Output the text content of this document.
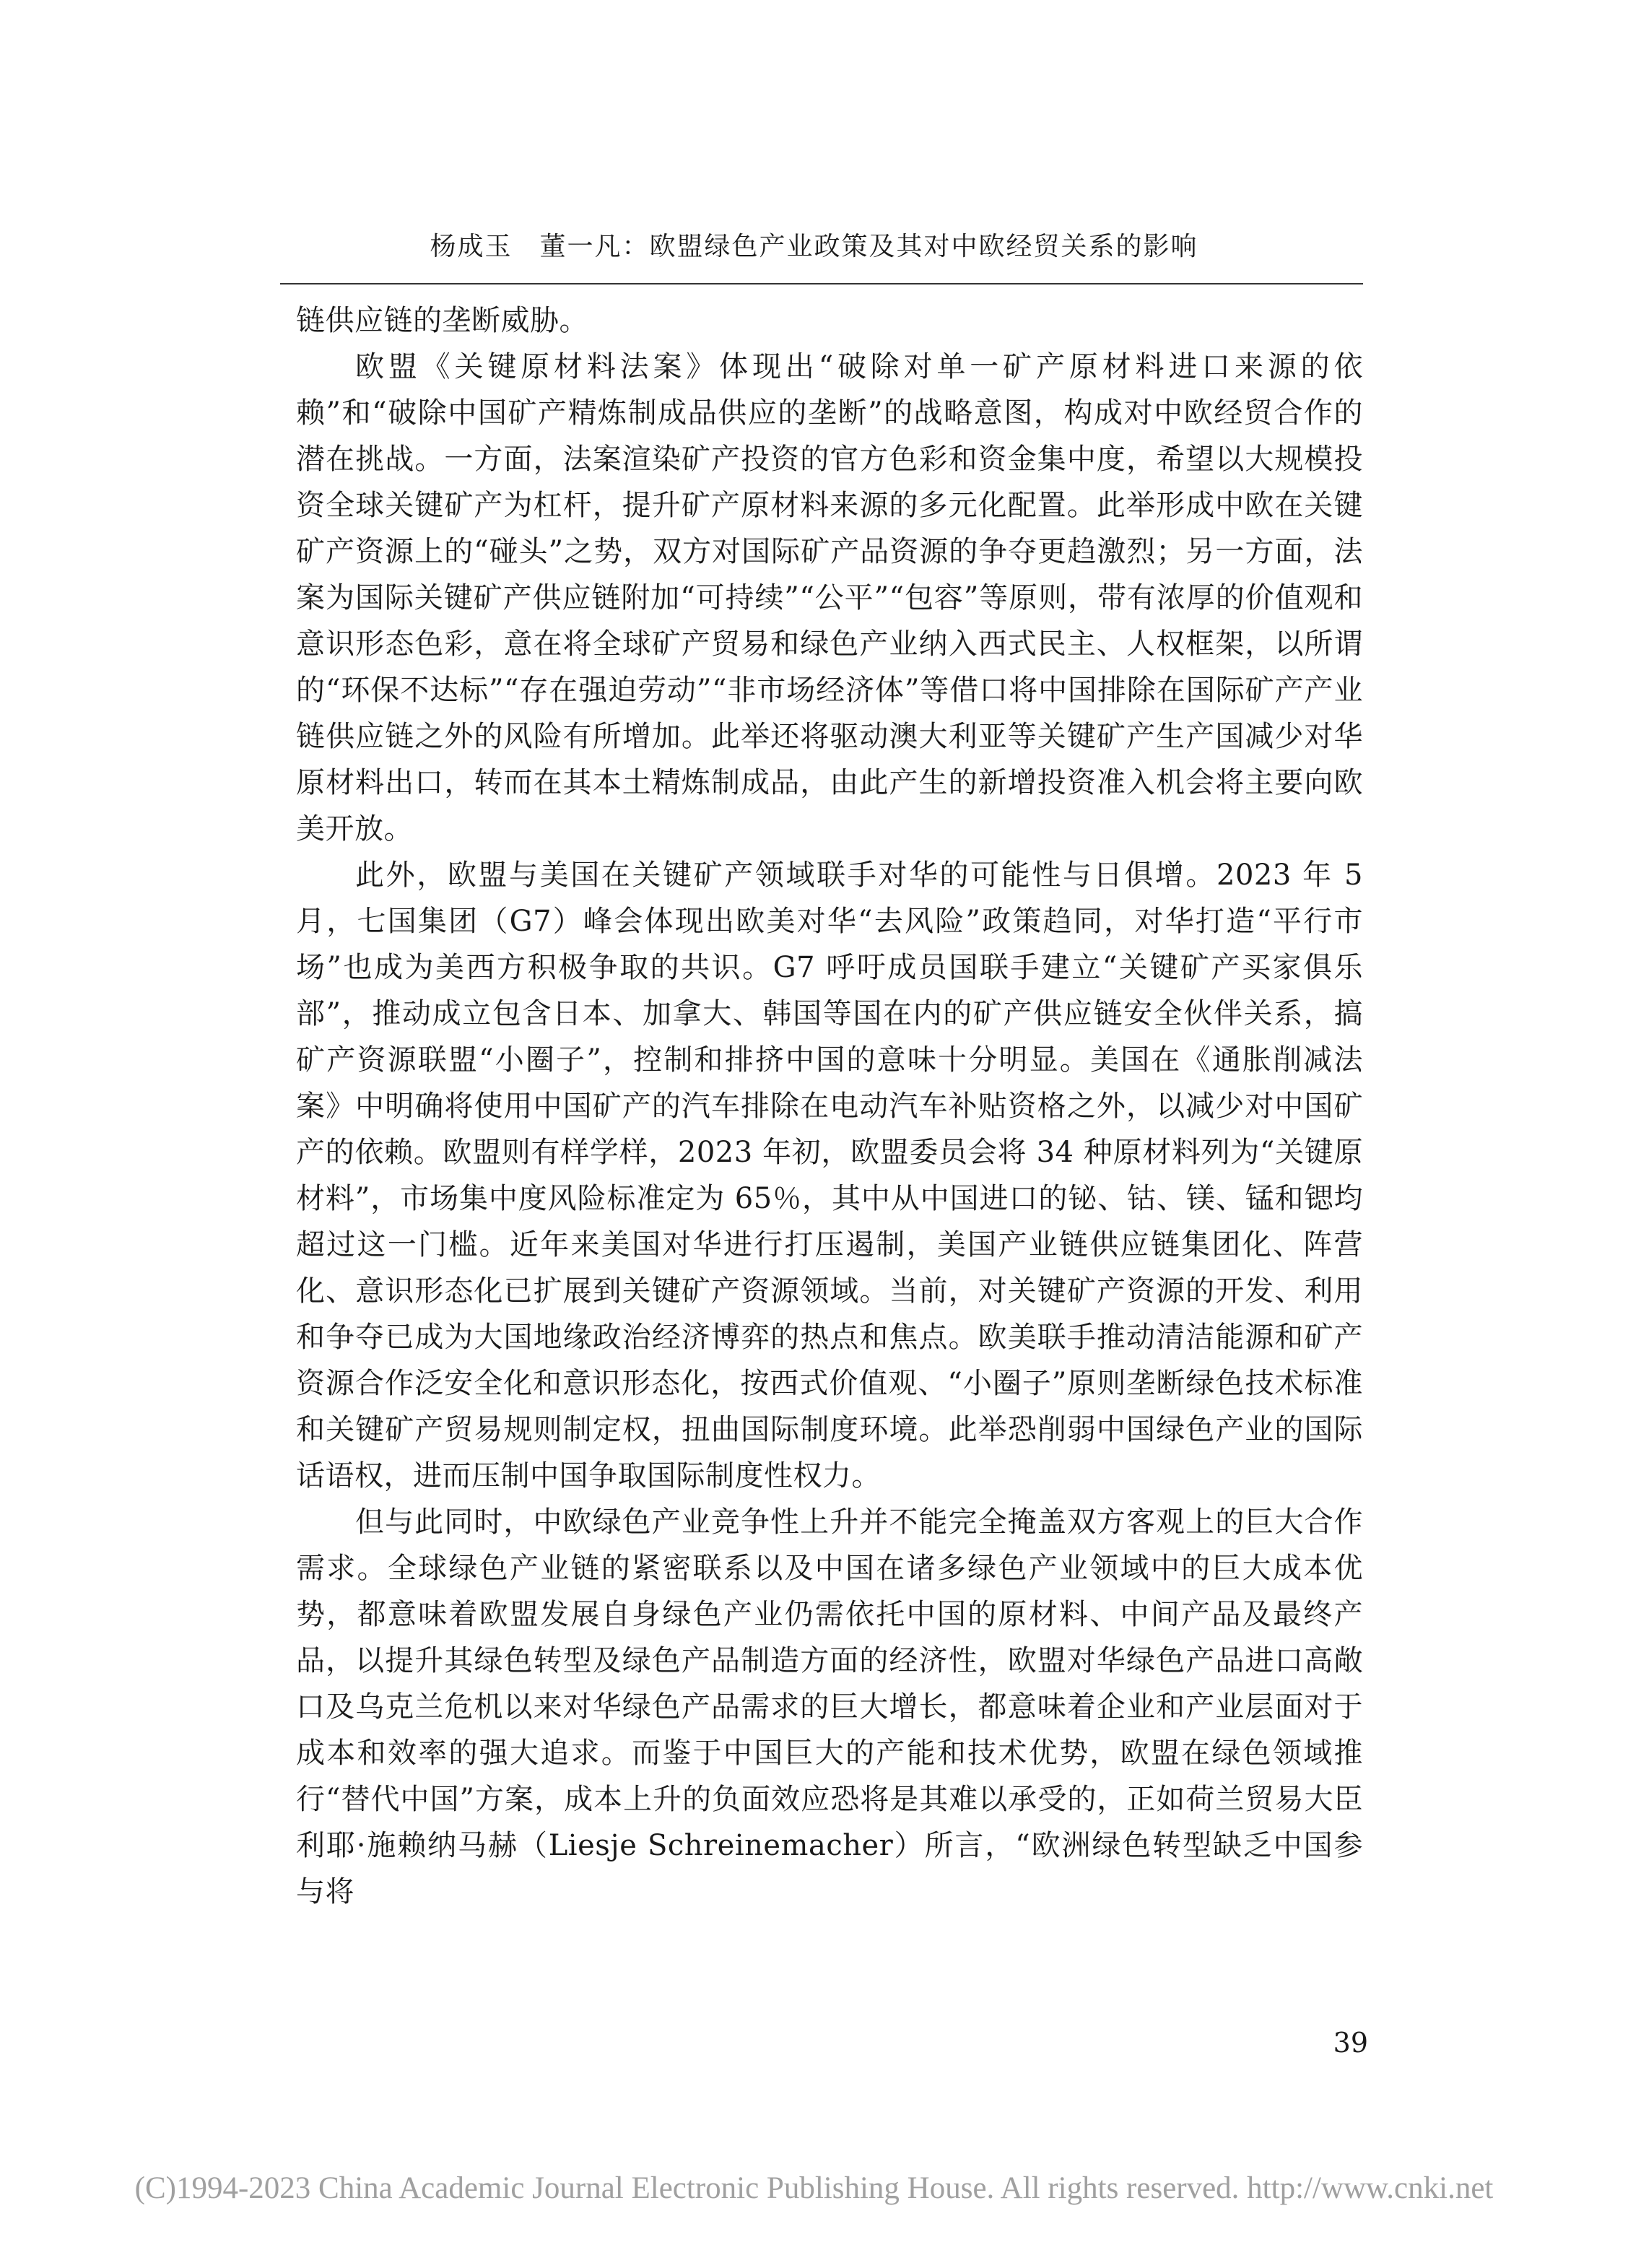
杨成玉　董一凡：欧盟绿色产业政策及其对中欧经贸关系的影响

链供应链的垄断威胁。

欧盟《关键原材料法案》体现出“破除对单一矿产原材料进口来源的依赖”和“破除中国矿产精炼制成品供应的垄断”的战略意图，构成对中欧经贸合作的潜在挑战。一方面，法案渲染矿产投资的官方色彩和资金集中度，希望以大规模投资全球关键矿产为杠杆，提升矿产原材料来源的多元化配置。此举形成中欧在关键矿产资源上的“碰头”之势，双方对国际矿产品资源的争夺更趋激烈；另一方面，法案为国际关键矿产供应链附加“可持续”“公平”“包容”等原则，带有浓厚的价值观和意识形态色彩，意在将全球矿产贸易和绿色产业纳入西式民主、人权框架，以所谓的“环保不达标”“存在强迫劳动”“非市场经济体”等借口将中国排除在国际矿产产业链供应链之外的风险有所增加。此举还将驱动澳大利亚等关键矿产生产国减少对华原材料出口，转而在其本土精炼制成品，由此产生的新增投资准入机会将主要向欧美开放。

此外，欧盟与美国在关键矿产领域联手对华的可能性与日俱增。2023 年 5 月，七国集团（G7）峰会体现出欧美对华“去风险”政策趋同，对华打造“平行市场”也成为美西方积极争取的共识。G7 呼吁成员国联手建立“关键矿产买家俱乐部”，推动成立包含日本、加拿大、韩国等国在内的矿产供应链安全伙伴关系，搞矿产资源联盟“小圈子”，控制和排挤中国的意味十分明显。美国在《通胀削减法案》中明确将使用中国矿产的汽车排除在电动汽车补贴资格之外，以减少对中国矿产的依赖。欧盟则有样学样，2023 年初，欧盟委员会将 34 种原材料列为“关键原材料”，市场集中度风险标准定为 65％，其中从中国进口的铋、钴、镁、锰和锶均超过这一门槛。近年来美国对华进行打压遏制，美国产业链供应链集团化、阵营化、意识形态化已扩展到关键矿产资源领域。当前，对关键矿产资源的开发、利用和争夺已成为大国地缘政治经济博弈的热点和焦点。欧美联手推动清洁能源和矿产资源合作泛安全化和意识形态化，按西式价值观、“小圈子”原则垄断绿色技术标准和关键矿产贸易规则制定权，扭曲国际制度环境。此举恐削弱中国绿色产业的国际话语权，进而压制中国争取国际制度性权力。

但与此同时，中欧绿色产业竞争性上升并不能完全掩盖双方客观上的巨大合作需求。全球绿色产业链的紧密联系以及中国在诸多绿色产业领域中的巨大成本优势，都意味着欧盟发展自身绿色产业仍需依托中国的原材料、中间产品及最终产品，以提升其绿色转型及绿色产品制造方面的经济性，欧盟对华绿色产品进口高敞口及乌克兰危机以来对华绿色产品需求的巨大增长，都意味着企业和产业层面对于成本和效率的强大追求。而鉴于中国巨大的产能和技术优势，欧盟在绿色领域推行“替代中国”方案，成本上升的负面效应恐将是其难以承受的，正如荷兰贸易大臣利耶·施赖纳马赫（Liesje Schreinemacher）所言，“欧洲绿色转型缺乏中国参与将

39
(C)1994-2023 China Academic Journal Electronic Publishing House. All rights reserved. http://www.cnki.net
